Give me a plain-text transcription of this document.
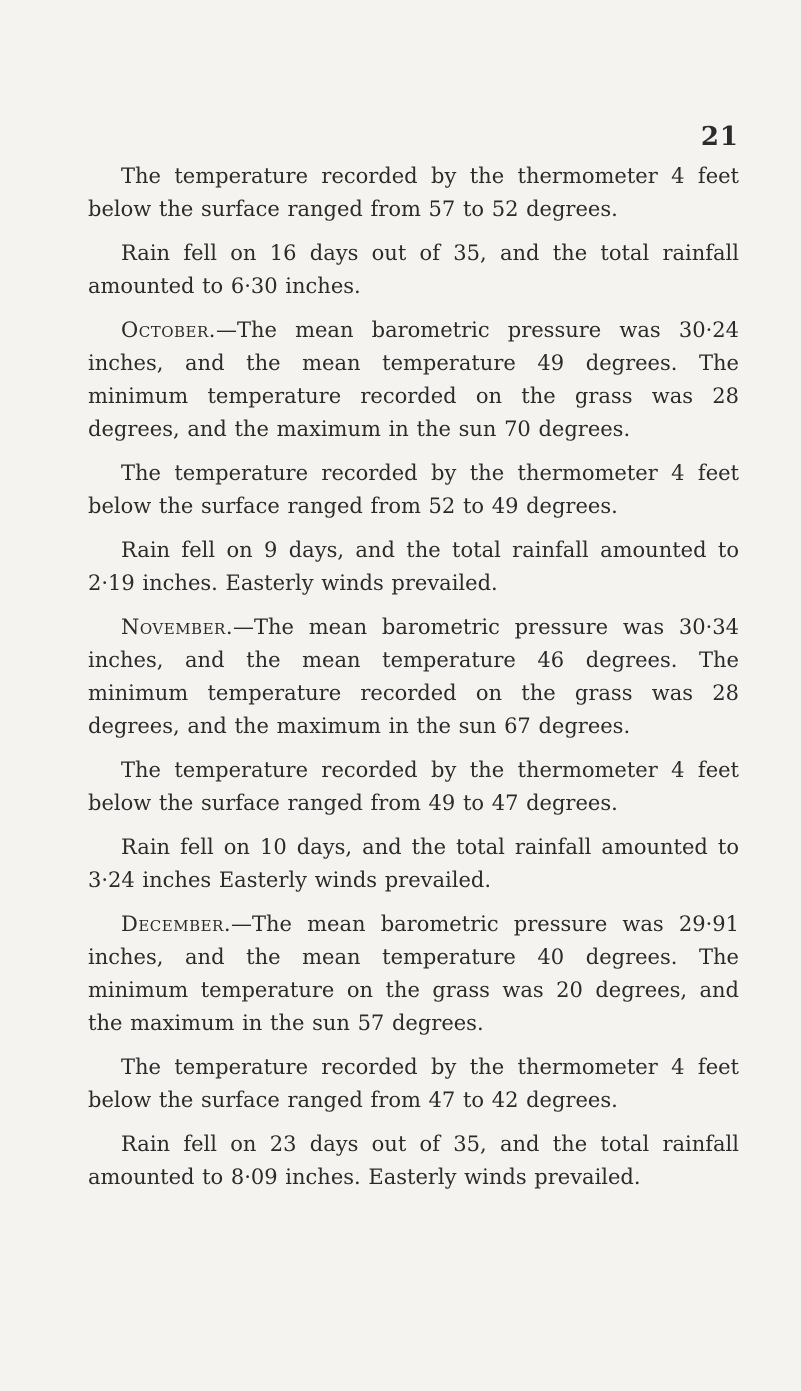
21

The temperature recorded by the thermometer 4 feet below the surface ranged from 57 to 52 degrees.

Rain fell on 16 days out of 35, and the total rainfall amounted to 6·30 inches.

October.—The mean barometric pressure was 30·24 inches, and the mean temperature 49 degrees. The minimum temperature recorded on the grass was 28 degrees, and the maximum in the sun 70 degrees.

The temperature recorded by the thermometer 4 feet below the surface ranged from 52 to 49 degrees.

Rain fell on 9 days, and the total rainfall amounted to 2·19 inches. Easterly winds prevailed.

November.—The mean barometric pressure was 30·34 inches, and the mean temperature 46 degrees. The minimum temperature recorded on the grass was 28 degrees, and the maximum in the sun 67 degrees.

The temperature recorded by the thermometer 4 feet below the surface ranged from 49 to 47 degrees.

Rain fell on 10 days, and the total rainfall amounted to 3·24 inches Easterly winds prevailed.

December.—The mean barometric pressure was 29·91 inches, and the mean temperature 40 degrees. The minimum temperature on the grass was 20 degrees, and the maximum in the sun 57 degrees.

The temperature recorded by the thermometer 4 feet below the surface ranged from 47 to 42 degrees.

Rain fell on 23 days out of 35, and the total rainfall amounted to 8·09 inches. Easterly winds prevailed.
